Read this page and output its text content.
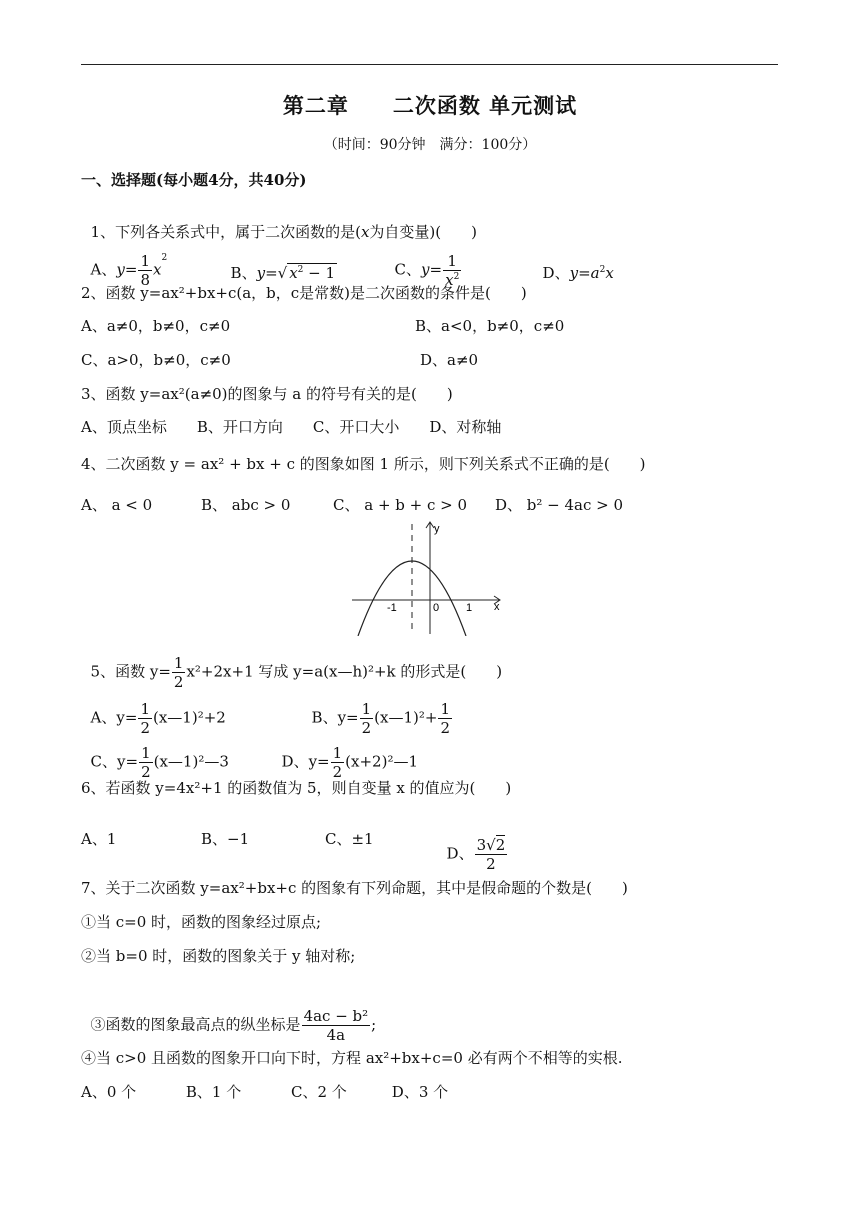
第二章　　二次函数 单元测试
（时间：90分钟　满分：100分）
一、选择题(每小题4分，共40分)

1、下列各关系式中，属于二次函数的是(x为自变量)(　　)

A、$y= \frac{1}{8} x^2$

B、y=√ $x^2 - 1$	C、$y= \frac{1}{x^2}$	D、$y=a^2x$

2、函数 y=ax²+bx+c(a，b，c是常数)是二次函数的条件是(　　)
A、a≠0，b≠0，c≠0	B、a<0，b≠0，c≠0
C、a>0，b≠0，c≠0	D、a≠0
3、函数 y=ax²(a≠0)的图象与 a 的符号有关的是(　　)
A、顶点坐标　　B、开口方向　　C、开口大小　　D、对称轴
4、二次函数 y = ax² + bx + c 的图象如图 1 所示，则下列关系式不正确的是(　　)
A、 a < 0	B、 abc > 0	C、 a + b + c > 0 D、 b² − 4ac > 0
y
x
-1	0 1

5、函数 $y= \frac{1}{2} x^2+2x+1$ 写成 y=a(x—h)²+k 的形式是(　　)

A、$y= \frac{1}{2}$ (x—1)²+2	B、$y= \frac{1}{2}$ (x—1)²+ $\frac{1}{2}$

C、$y= \frac{1}{2}$ (x—1)²—3	D、$y= \frac{1}{2}$ (x+2)²—1

6、若函数 y=4x²+1 的函数值为 5，则自变量 x 的值应为(　　)
A、1	B、−1	C、±1

D、 $\frac{3√2}{2}$

7、关于二次函数 y=ax²+bx+c 的图象有下列命题，其中是假命题的个数是(　　)
①当 c=0 时，函数的图象经过原点;
②当 b=0 时，函数的图象关于 y 轴对称;

③函数的图象最高点的纵坐标是 $\frac{\text{4ac − b²}}{4a}$ ;

④当 c>0 且函数的图象开口向下时，方程 ax²+bx+c=0 必有两个不相等的实根.
A、0 个　　　 B、1 个　　　 C、2 个　　　D、3 个
